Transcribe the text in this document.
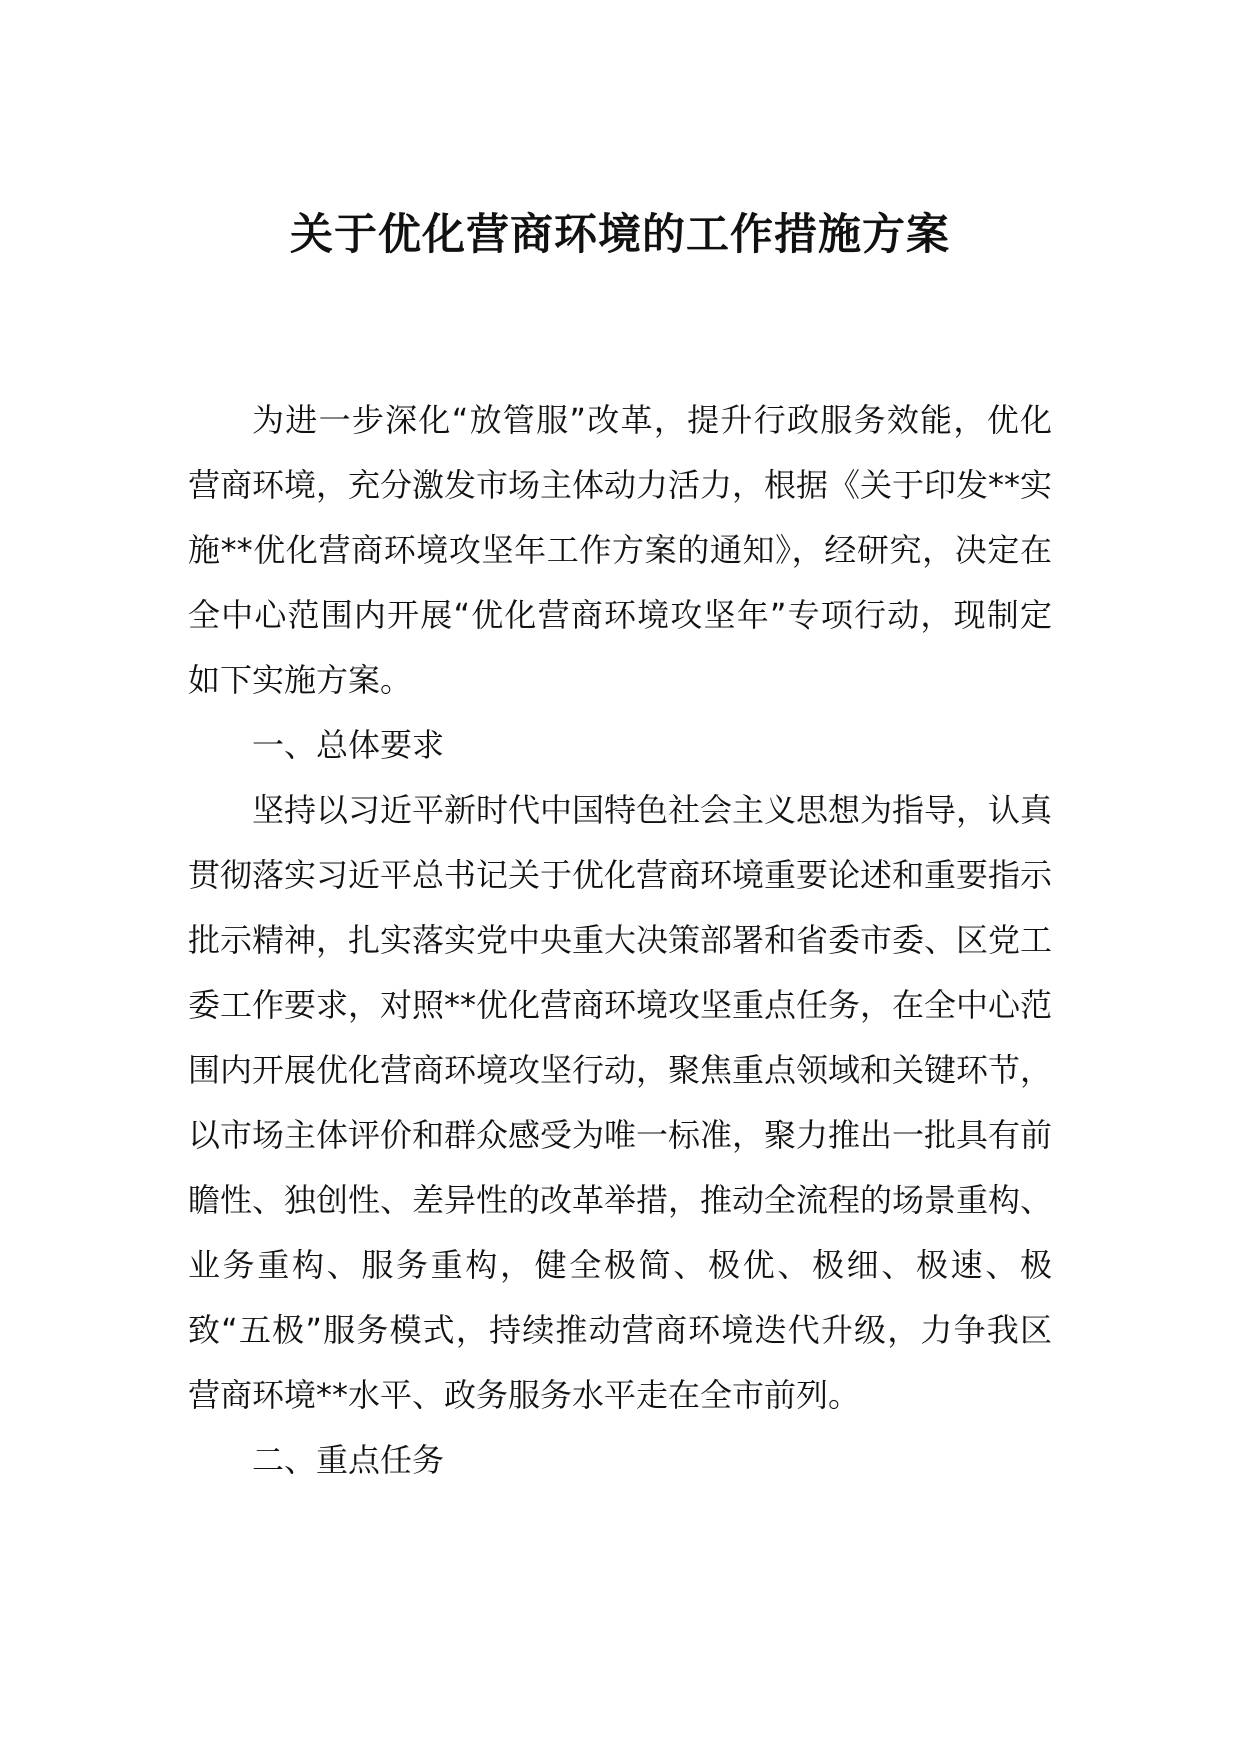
关于优化营商环境的工作措施方案

为进一步深化“放管服”改革，提升行政服务效能，优化营商环境，充分激发市场主体动力活力，根据《关于印发**实施**优化营商环境攻坚年工作方案的通知》，经研究，决定在全中心范围内开展“优化营商环境攻坚年”专项行动，现制定如下实施方案。

一、总体要求

坚持以习近平新时代中国特色社会主义思想为指导，认真贯彻落实习近平总书记关于优化营商环境重要论述和重要指示批示精神，扎实落实党中央重大决策部署和省委市委、区党工委工作要求，对照**优化营商环境攻坚重点任务，在全中心范围内开展优化营商环境攻坚行动，聚焦重点领域和关键环节，以市场主体评价和群众感受为唯一标准，聚力推出一批具有前瞻性、独创性、差异性的改革举措，推动全流程的场景重构、业务重构、服务重构，健全极简、极优、极细、极速、极致“五极”服务模式，持续推动营商环境迭代升级，力争我区营商环境**水平、政务服务水平走在全市前列。

二、重点任务
